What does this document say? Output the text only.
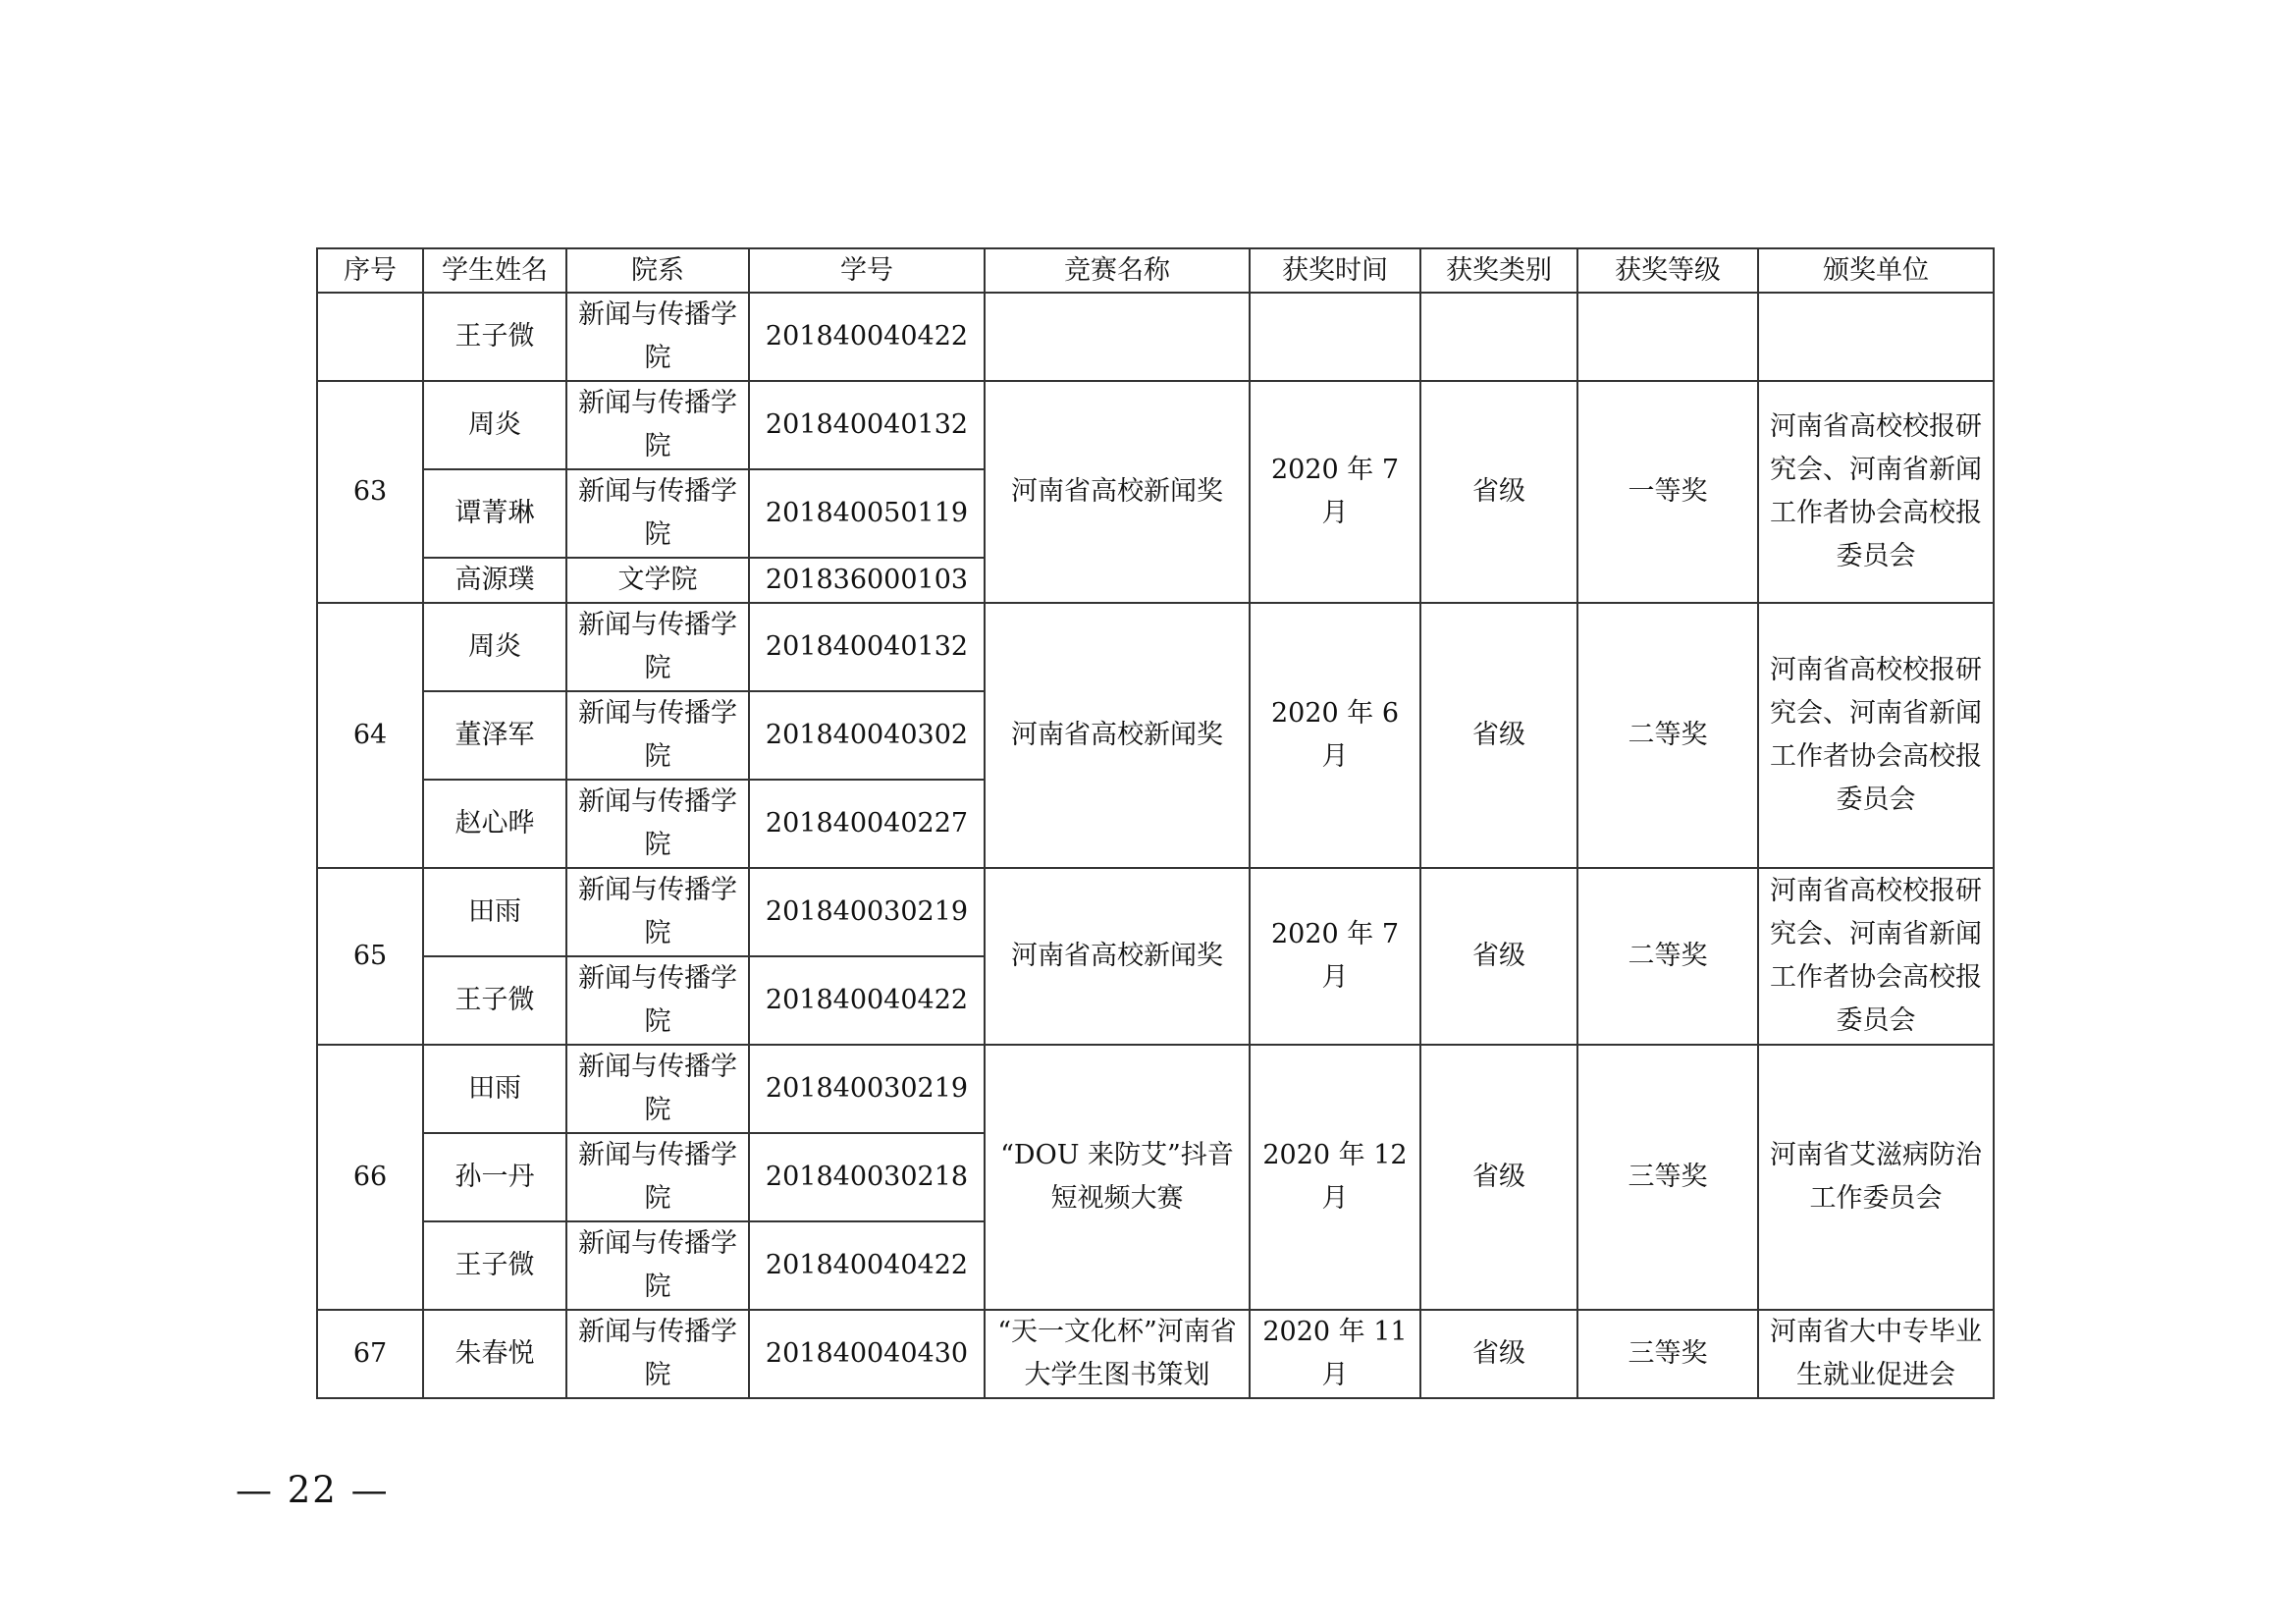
序号	学生姓名	院系	学号	竞赛名称	获奖时间	获奖类别	获奖等级	颁奖单位
	王子微	新闻与传播学院	201840040422					
63	周炎	新闻与传播学院	201840040132	河南省高校新闻奖	2020 年 7 月	省级	一等奖	河南省高校校报研究会、河南省新闻工作者协会高校报委员会
	谭菁琳	新闻与传播学院	201840050119					
	高源璞	文学院	201836000103					
64	周炎	新闻与传播学院	201840040132	河南省高校新闻奖	2020 年 6 月	省级	二等奖	河南省高校校报研究会、河南省新闻工作者协会高校报委员会
	董泽军	新闻与传播学院	201840040302					
	赵心晔	新闻与传播学院	201840040227					
65	田雨	新闻与传播学院	201840030219	河南省高校新闻奖	2020 年 7 月	省级	二等奖	河南省高校校报研究会、河南省新闻工作者协会高校报委员会
	王子微	新闻与传播学院	201840040422					
66	田雨	新闻与传播学院	201840030219	“DOU 来防艾”抖音短视频大赛	2020 年 12 月	省级	三等奖	河南省艾滋病防治工作委员会
	孙一丹	新闻与传播学院	201840030218					
	王子微	新闻与传播学院	201840040422					
67	朱春悦	新闻与传播学院	201840040430	“天一文化杯”河南省大学生图书策划	2020 年 11 月	省级	三等奖	河南省大中专毕业生就业促进会
— 22 —
